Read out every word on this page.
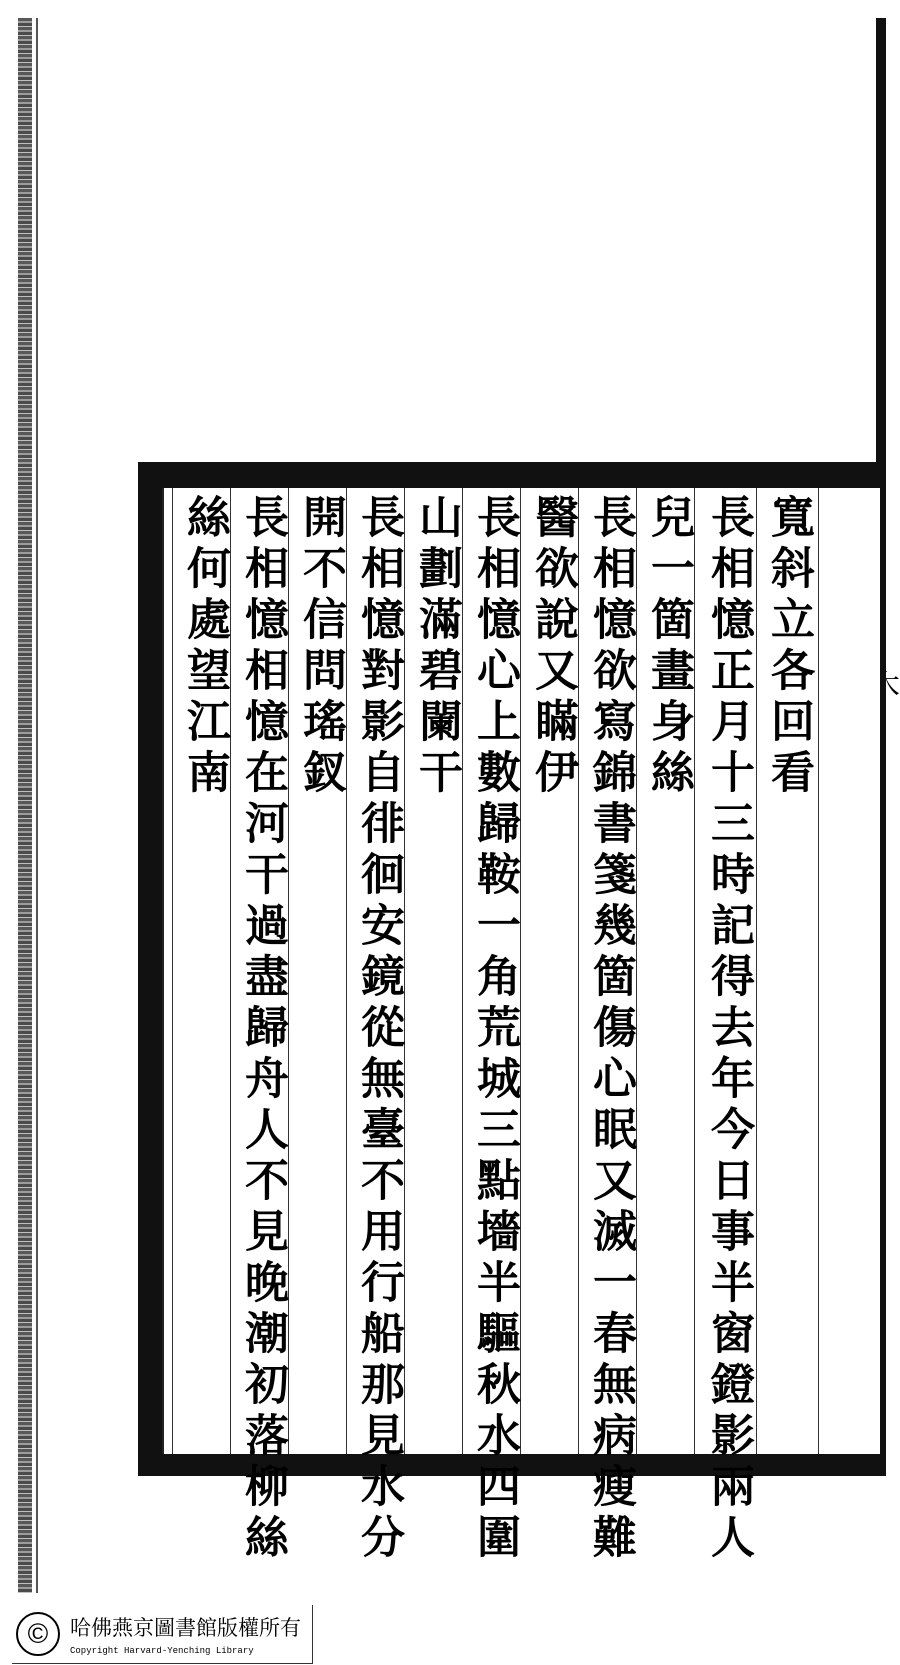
寬斜立各回看
長相憶正月十三時記得去年今日事半窗鐙影兩人
兒一箇畫身絲
長相憶欲寫錦書箋幾箇傷心眠又滅一春無病瘦難
醫欲說又瞞伊
長相憶心上數歸鞍一角荒城三點墻半驅秋水四圍
山劃滿碧闌干
長相憶對影自徘徊安鏡從無臺不用行船那見水分
開不信問瑤釵
長相憶相憶在河干過盡歸舟人不見晚潮初落柳絲
絲何處望江南
©	哈佛燕京圖書館版權所有
Copyright Harvard-Yenching Library
